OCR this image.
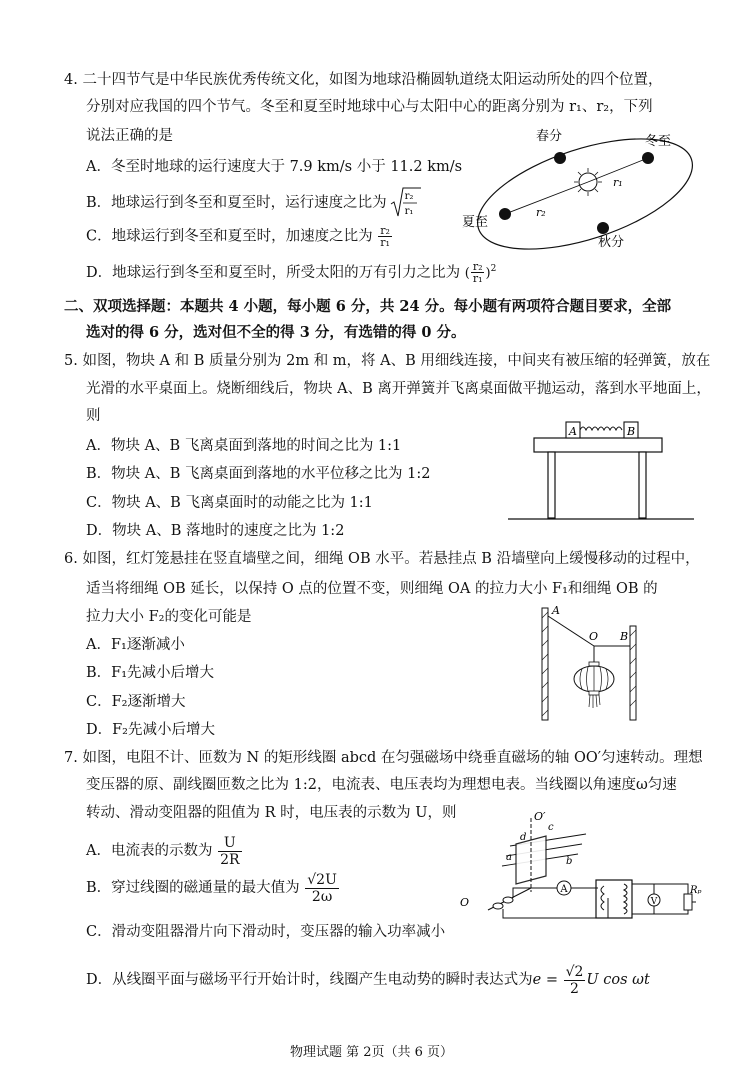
4. 二十四节气是中华民族优秀传统文化，如图为地球沿椭圆轨道绕太阳运动所处的四个位置，
分别对应我国的四个节气。冬至和夏至时地球中心与太阳中心的距离分别为 r₁、r₂，下列
说法正确的是
A．冬至时地球的运行速度大于 7.9 km/s 小于 11.2 km/s
B．地球运行到冬至和夏至时，运行速度之比为 r₂
r₁
C．地球运行到冬至和夏至时，加速度之比为 $\frac{\text{r₂}}{\text{r₁}}$
D．地球运行到冬至和夏至时，所受太阳的万有引力之比为 ( $\frac{\text{r₂}}{\text{r₁}} )^2$
春分	冬至
夏至
秋分
r₁
r₂
二、双项选择题：本题共 4 小题，每小题 6 分，共 24 分。每小题有两项符合题目要求，全部
选对的得 6 分，选对但不全的得 3 分，有选错的得 0 分。
5. 如图，物块 A 和 B 质量分别为 2m 和 m，将 A、B 用细线连接，中间夹有被压缩的轻弹簧，放在
光滑的水平桌面上。烧断细线后，物块 A、B 离开弹簧并飞离桌面做平抛运动，落到水平地面上，
则
A．物块 A、B 飞离桌面到落地的时间之比为 1:1
B．物块 A、B 飞离桌面到落地的水平位移之比为 1:2
C．物块 A、B 飞离桌面时的动能之比为 1:1
D．物块 A、B 落地时的速度之比为 1:2
A	B
6. 如图，红灯笼悬挂在竖直墙壁之间，细绳 OB 水平。若悬挂点 B 沿墙壁向上缓慢移动的过程中，
适当将细绳 OB 延长，以保持 O 点的位置不变，则细绳 OA 的拉力大小 F₁和细绳 OB 的
拉力大小 F₂的变化可能是
A．F₁逐渐减小
B．F₁先减小后增大
C．F₂逐渐增大
D．F₂先减小后增大
A
O B
7. 如图，电阻不计、匝数为 N 的矩形线圈 abcd 在匀强磁场中绕垂直磁场的轴 OO′匀速转动。理想
变压器的原、副线圈匝数之比为 1:2，电流表、电压表均为理想电表。当线圈以角速度ω匀速
转动、滑动变阻器的阻值为 R 时，电压表的示数为 U，则
A．电流表的示数为 $\frac{U}{2R}$
B．穿过线圈的磁通量的最大值为 $\frac{√2U}{2\omega}$
C．滑动变阻器滑片向下滑动时，变压器的输入功率减小
D．从线圈平面与磁场平行开始计时，线圈产生电动势的瞬时表达式为$e = \frac{√2}{2}$ U cos ωt
A
V
Rₚ
O′
c
d
a	b
O
物理试题 第 2页（共 6 页）
